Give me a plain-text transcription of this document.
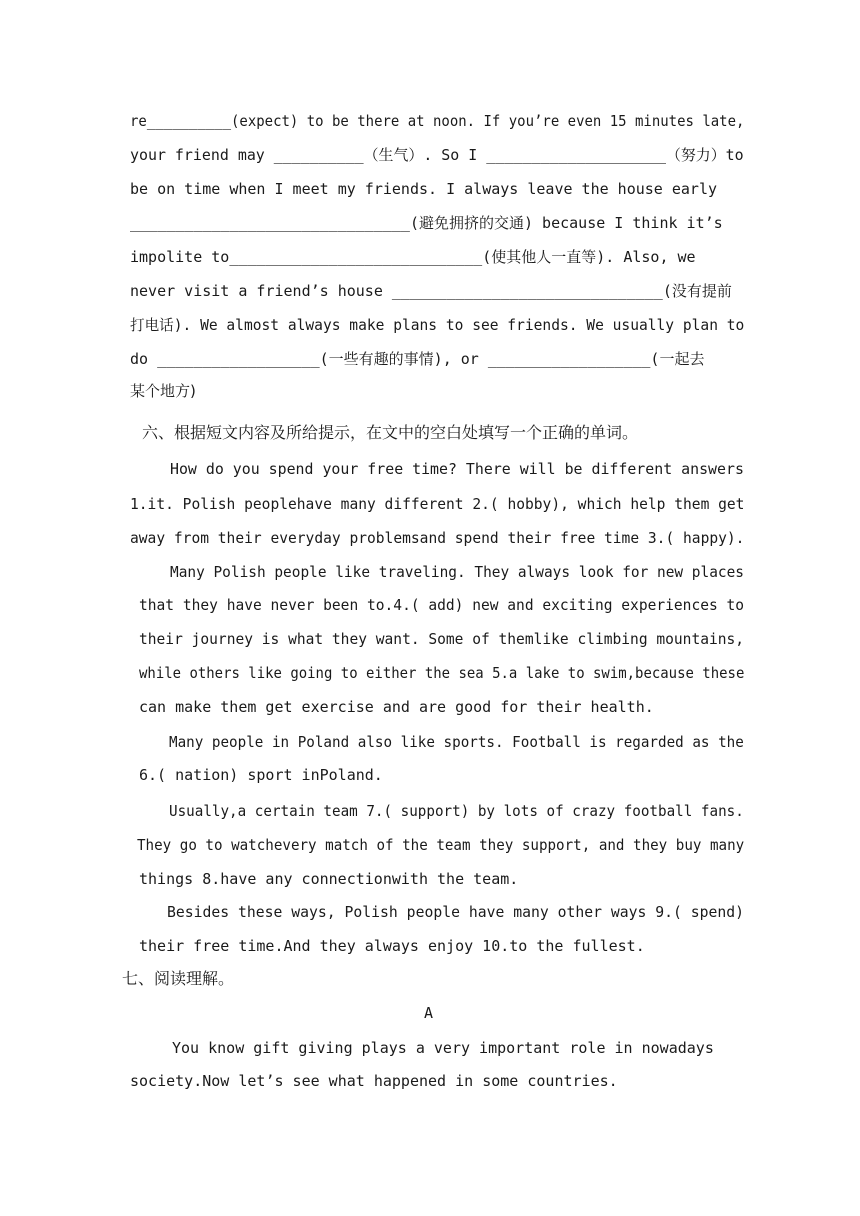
re__________(expect) to be there at noon. If you’re even 15 minutes late,
your friend may __________（生气）. So I ____________________（努力）to
be on time when I meet my friends. I always leave the house early
_______________________________(避免拥挤的交通) because I think it’s
impolite to____________________________(使其他人一直等). Also, we
never visit a friend’s house ______________________________(没有提前
打电话). We almost always make plans to see friends. We usually plan to
do __________________(一些有趣的事情), or __________________(一起去
某个地方)
六、根据短文内容及所给提示，在文中的空白处填写一个正确的单词。
How do you spend your free time? There will be different answers
1.it. Polish peoplehave many different 2.( hobby), which help them get
away from their everyday problemsand spend their free time 3.( happy).
Many Polish people like traveling. They always look for new places
that they have never been to.4.( add) new and exciting experiences to
their journey is what they want. Some of themlike climbing mountains,
while others like going to either the sea 5.a lake to swim,because these
can make them get exercise and are good for their health.
Many people in Poland also like sports. Football is regarded as the
6.( nation) sport inPoland.
Usually,a certain team 7.( support) by lots of crazy football fans.
They go to watchevery match of the team they support, and they buy many
things 8.have any connectionwith the team.
Besides these ways, Polish people have many other ways 9.( spend)
their free time.And they always enjoy 10.to the fullest.
七、阅读理解。
A
You know gift giving plays a very important role in nowadays
society.Now let’s see what happened in some countries.
